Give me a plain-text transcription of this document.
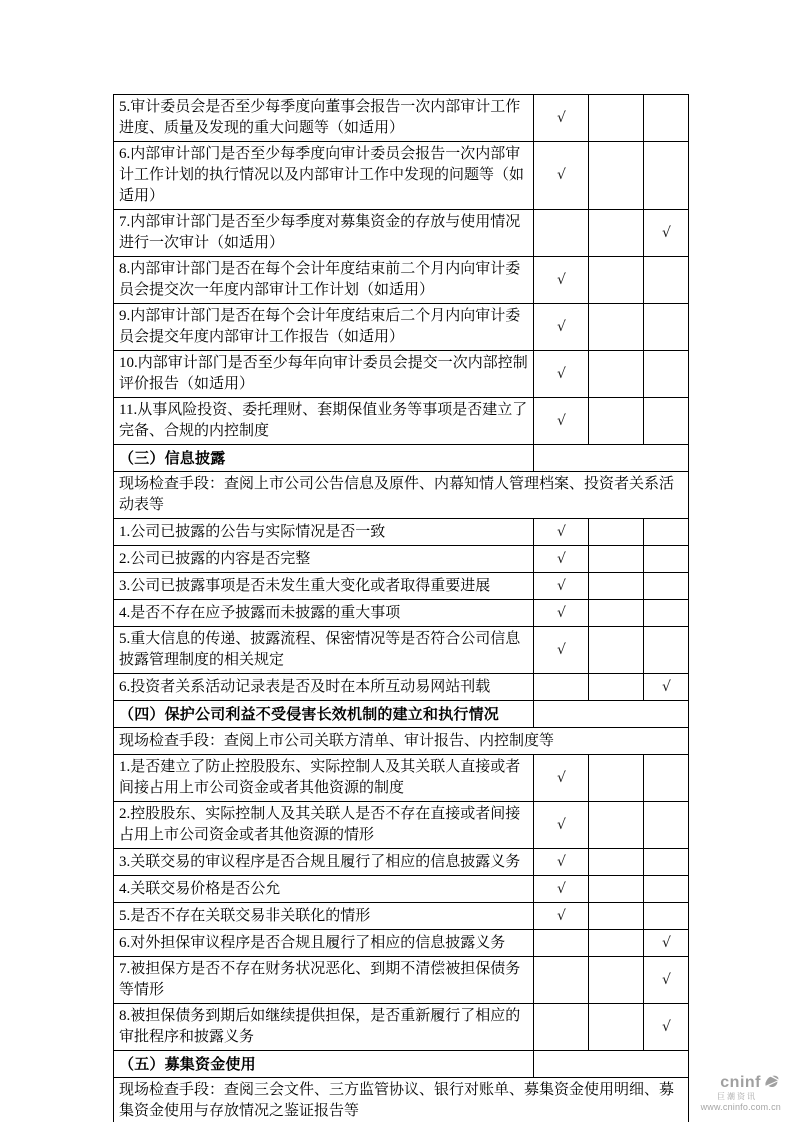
5.审计委员会是否至少每季度向董事会报告一次内部审计工作进度、质量及发现的重大问题等（如适用）	√		
6.内部审计部门是否至少每季度向审计委员会报告一次内部审计工作计划的执行情况以及内部审计工作中发现的问题等（如适用）	√		
7.内部审计部门是否至少每季度对募集资金的存放与使用情况进行一次审计（如适用）			√
8.内部审计部门是否在每个会计年度结束前二个月内向审计委员会提交次一年度内部审计工作计划（如适用）	√		
9.内部审计部门是否在每个会计年度结束后二个月内向审计委员会提交年度内部审计工作报告（如适用）	√		
10.内部审计部门是否至少每年向审计委员会提交一次内部控制评价报告（如适用）	√		
11.从事风险投资、委托理财、套期保值业务等事项是否建立了完备、合规的内控制度	√		
（三）信息披露			
现场检查手段：查阅上市公司公告信息及原件、内幕知情人管理档案、投资者关系活动表等			
1.公司已披露的公告与实际情况是否一致	√		
2.公司已披露的内容是否完整	√		
3.公司已披露事项是否未发生重大变化或者取得重要进展	√		
4.是否不存在应予披露而未披露的重大事项	√		
5.重大信息的传递、披露流程、保密情况等是否符合公司信息披露管理制度的相关规定	√		
6.投资者关系活动记录表是否及时在本所互动易网站刊载			√
（四）保护公司利益不受侵害长效机制的建立和执行情况			
现场检查手段：查阅上市公司关联方清单、审计报告、内控制度等			
1.是否建立了防止控股股东、实际控制人及其关联人直接或者间接占用上市公司资金或者其他资源的制度	√		
2.控股股东、实际控制人及其关联人是否不存在直接或者间接占用上市公司资金或者其他资源的情形	√		
3.关联交易的审议程序是否合规且履行了相应的信息披露义务	√		
4.关联交易价格是否公允	√		
5.是否不存在关联交易非关联化的情形	√		
6.对外担保审议程序是否合规且履行了相应的信息披露义务			√
7.被担保方是否不存在财务状况恶化、到期不清偿被担保债务等情形			√
8.被担保债务到期后如继续提供担保，是否重新履行了相应的审批程序和披露义务			√
（五）募集资金使用			
现场检查手段：查阅三会文件、三方监管协议、银行对账单、募集资金使用明细、募集资金使用与存放情况之鉴证报告等			
cninf
巨潮资讯
www.cninfo.com.cn
